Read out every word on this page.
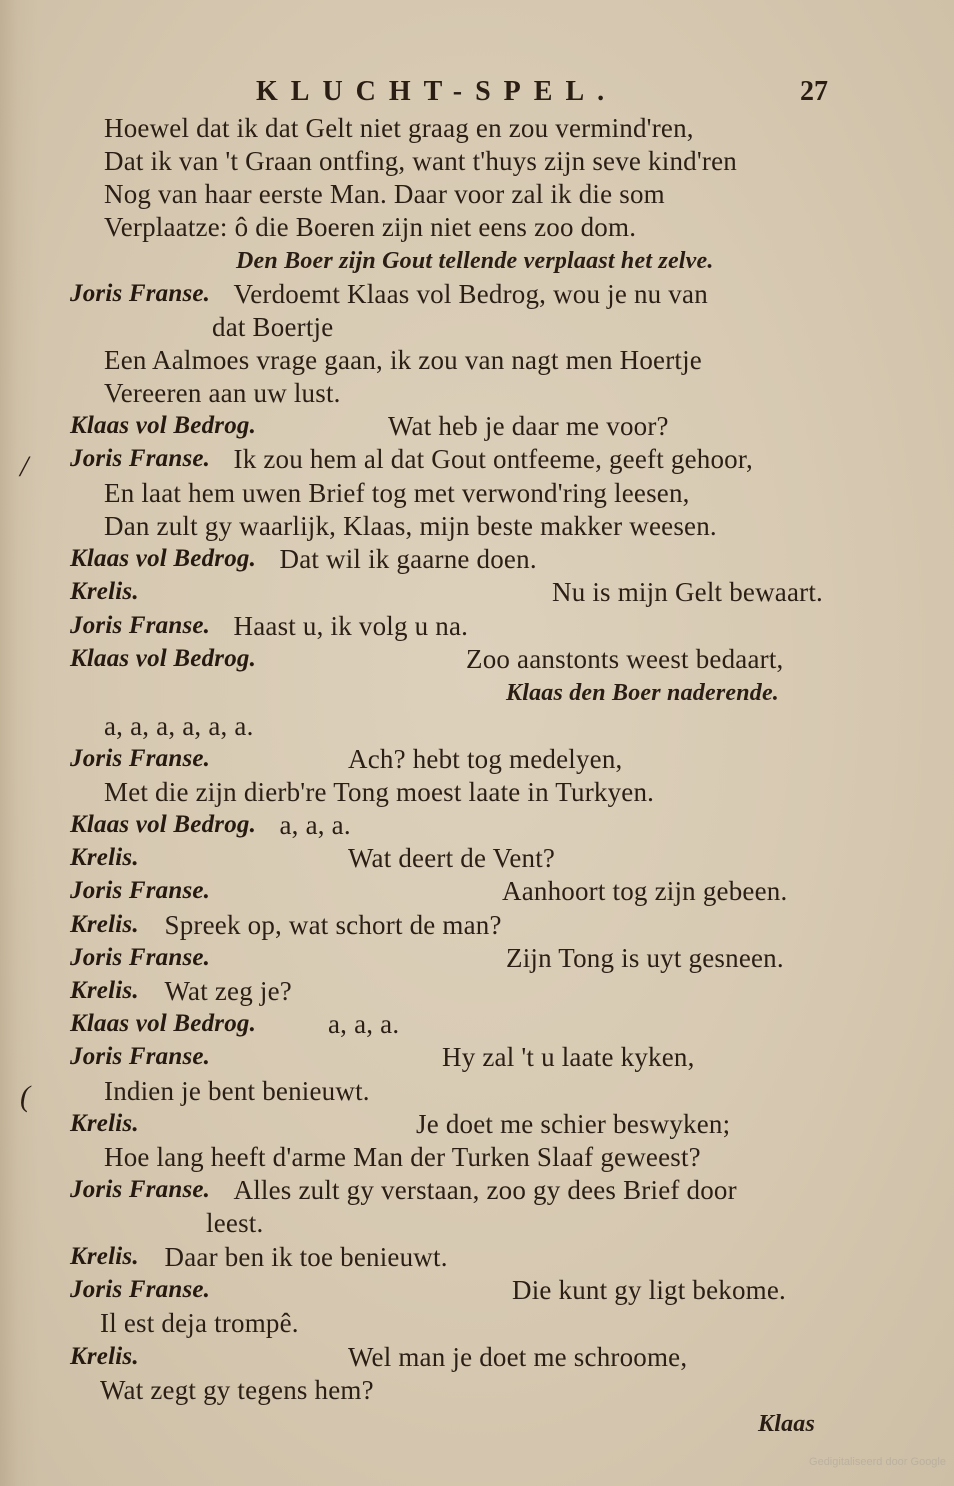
KLUCHT-SPEL.	27
Hoewel dat ik dat Gelt niet graag en zou vermind'ren,
Dat ik van 't Graan ontfing, want t'huys zijn seve kind'ren
Nog van haar eerste Man. Daar voor zal ik die som
Verplaatze: ô die Boeren zijn niet eens zoo dom.
Den Boer zijn Gout tellende verplaast het zelve.
Joris Franse. Verdoemt Klaas vol Bedrog, wou je nu van
dat Boertje
Een Aalmoes vrage gaan, ik zou van nagt men Hoertje
Vereeren aan uw lust.
Klaas vol Bedrog.	Wat heb je daar me voor?
Joris Franse. Ik zou hem al dat Gout ontfeeme, geeft gehoor,
En laat hem uwen Brief tog met verwond'ring leesen,
Dan zult gy waarlijk, Klaas, mijn beste makker weesen.
Klaas vol Bedrog. Dat wil ik gaarne doen.
Krelis.	Nu is mijn Gelt bewaart.
Joris Franse. Haast u, ik volg u na.
Klaas vol Bedrog.	Zoo aanstonts weest bedaart,
Klaas den Boer naderende.
a, a, a, a, a, a.
Joris Franse.	Ach? hebt tog medelyen,
Met die zijn dierb're Tong moest laate in Turkyen.
Klaas vol Bedrog. a, a, a.
Krelis.	Wat deert de Vent?
Joris Franse.	Aanhoort tog zijn gebeen.
Krelis. Spreek op, wat schort de man?
Joris Franse.	Zijn Tong is uyt gesneen.
Krelis. Wat zeg je?
Klaas vol Bedrog.	a, a, a.
Joris Franse.	Hy zal 't u laate kyken,
Indien je bent benieuwt.
Krelis.	Je doet me schier beswyken;
Hoe lang heeft d'arme Man der Turken Slaaf geweest?
Joris Franse. Alles zult gy verstaan, zoo gy dees Brief door
leest.
Krelis. Daar ben ik toe benieuwt.
Joris Franse.	Die kunt gy ligt bekome.
Il est deja trompê.
Krelis.	Wel man je doet me schroome,
Wat zegt gy tegens hem?
Klaas
/
(
Gedigitaliseerd door Google
